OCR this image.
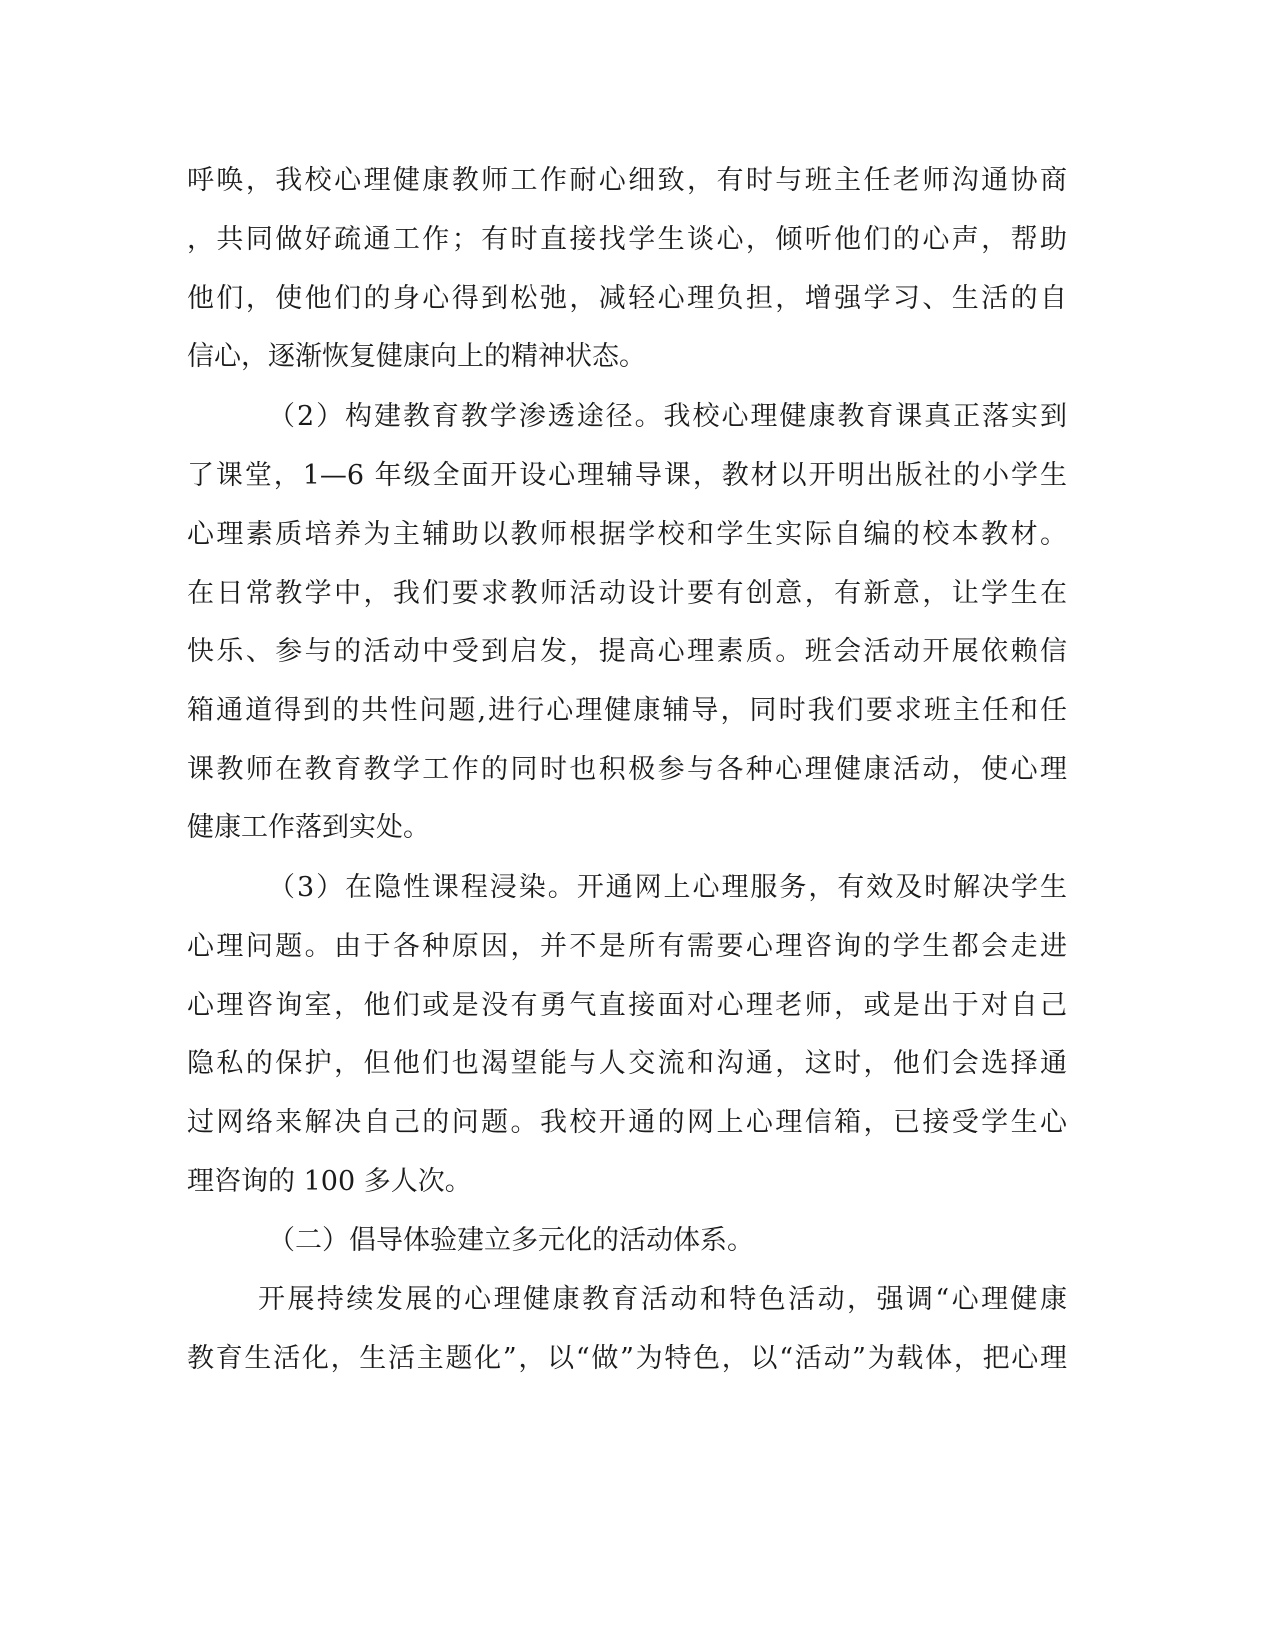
呼唤，我校心理健康教师工作耐心细致，有时与班主任老师沟通协商
，共同做好疏通工作；有时直接找学生谈心，倾听他们的心声，帮助
他们，使他们的身心得到松弛，减轻心理负担，增强学习、生活的自
信心，逐渐恢复健康向上的精神状态。
（2）构建教育教学渗透途径。我校心理健康教育课真正落实到
了课堂，1—6 年级全面开设心理辅导课，教材以开明出版社的小学生
心理素质培养为主辅助以教师根据学校和学生实际自编的校本教材。
在日常教学中，我们要求教师活动设计要有创意，有新意，让学生在
快乐、参与的活动中受到启发，提高心理素质。班会活动开展依赖信
箱通道得到的共性问题,进行心理健康辅导，同时我们要求班主任和任
课教师在教育教学工作的同时也积极参与各种心理健康活动，使心理
健康工作落到实处。
（3）在隐性课程浸染。开通网上心理服务，有效及时解决学生
心理问题。由于各种原因，并不是所有需要心理咨询的学生都会走进
心理咨询室，他们或是没有勇气直接面对心理老师，或是出于对自己
隐私的保护，但他们也渴望能与人交流和沟通，这时，他们会选择通
过网络来解决自己的问题。我校开通的网上心理信箱，已接受学生心
理咨询的 100 多人次。
（二）倡导体验建立多元化的活动体系。
开展持续发展的心理健康教育活动和特色活动，强调“心理健康
教育生活化，生活主题化”，以“做”为特色，以“活动”为载体，把心理
